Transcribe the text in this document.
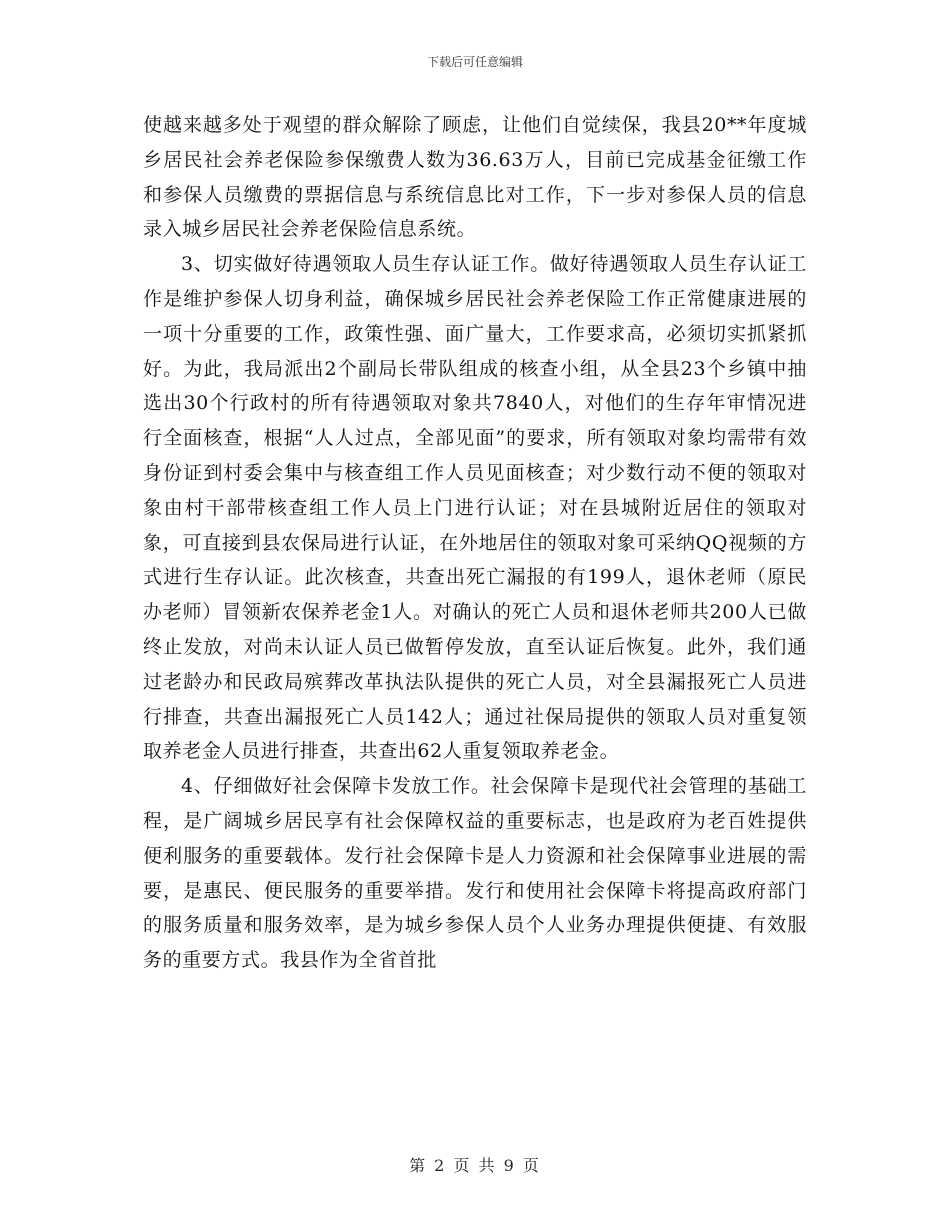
下载后可任意编辑

使越来越多处于观望的群众解除了顾虑，让他们自觉续保，我县20**年度城乡居民社会养老保险参保缴费人数为36.63万人，目前已完成基金征缴工作和参保人员缴费的票据信息与系统信息比对工作，下一步对参保人员的信息录入城乡居民社会养老保险信息系统。

3、切实做好待遇领取人员生存认证工作。做好待遇领取人员生存认证工作是维护参保人切身利益，确保城乡居民社会养老保险工作正常健康进展的一项十分重要的工作，政策性强、面广量大，工作要求高，必须切实抓紧抓好。为此，我局派出2个副局长带队组成的核查小组，从全县23个乡镇中抽选出30个行政村的所有待遇领取对象共7840人，对他们的生存年审情况进行全面核查，根据“人人过点，全部见面”的要求，所有领取对象均需带有效身份证到村委会集中与核查组工作人员见面核查；对少数行动不便的领取对象由村干部带核查组工作人员上门进行认证；对在县城附近居住的领取对象，可直接到县农保局进行认证，在外地居住的领取对象可采纳QQ视频的方式进行生存认证。此次核查，共查出死亡漏报的有199人，退休老师（原民办老师）冒领新农保养老金1人。对确认的死亡人员和退休老师共200人已做终止发放，对尚未认证人员已做暂停发放，直至认证后恢复。此外，我们通过老龄办和民政局殡葬改革执法队提供的死亡人员，对全县漏报死亡人员进行排查，共查出漏报死亡人员142人；通过社保局提供的领取人员对重复领取养老金人员进行排查，共查出62人重复领取养老金。

4、仔细做好社会保障卡发放工作。社会保障卡是现代社会管理的基础工程，是广阔城乡居民享有社会保障权益的重要标志，也是政府为老百姓提供便利服务的重要载体。发行社会保障卡是人力资源和社会保障事业进展的需要，是惠民、便民服务的重要举措。发行和使用社会保障卡将提高政府部门的服务质量和服务效率，是为城乡参保人员个人业务办理提供便捷、有效服务的重要方式。我县作为全省首批

第 2 页 共 9 页
